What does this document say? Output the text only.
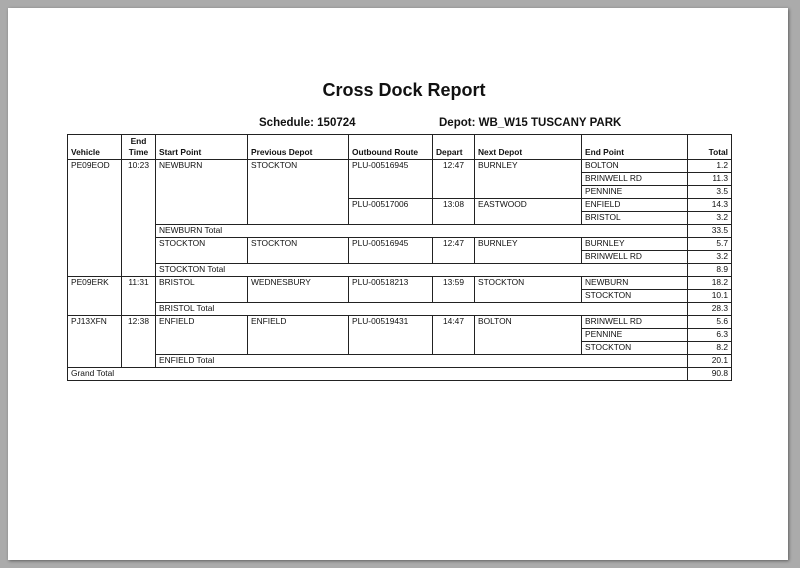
Cross Dock Report
Schedule: 150724	Depot: WB_W15 TUSCANY PARK
Vehicle	End Time	Start Point	Previous Depot	Outbound Route	Depart	Next Depot	End Point	Total
PE09EOD	10:23	NEWBURN	STOCKTON	PLU-00516945	12:47	BURNLEY	BOLTON	1.2
							BRINWELL RD	11.3
							PENNINE	3.5
				PLU-00517006	13:08	EASTWOOD	ENFIELD	14.3
							BRISTOL	3.2
		NEWBURN Total						33.5
		STOCKTON	STOCKTON	PLU-00516945	12:47	BURNLEY	BURNLEY	5.7
							BRINWELL RD	3.2
		STOCKTON Total						8.9
PE09ERK	11:31	BRISTOL	WEDNESBURY	PLU-00518213	13:59	STOCKTON	NEWBURN	18.2
							STOCKTON	10.1
		BRISTOL Total						28.3
PJ13XFN	12:38	ENFIELD	ENFIELD	PLU-00519431	14:47	BOLTON	BRINWELL RD	5.6
							PENNINE	6.3
							STOCKTON	8.2
		ENFIELD Total						20.1
Grand Total								90.8
